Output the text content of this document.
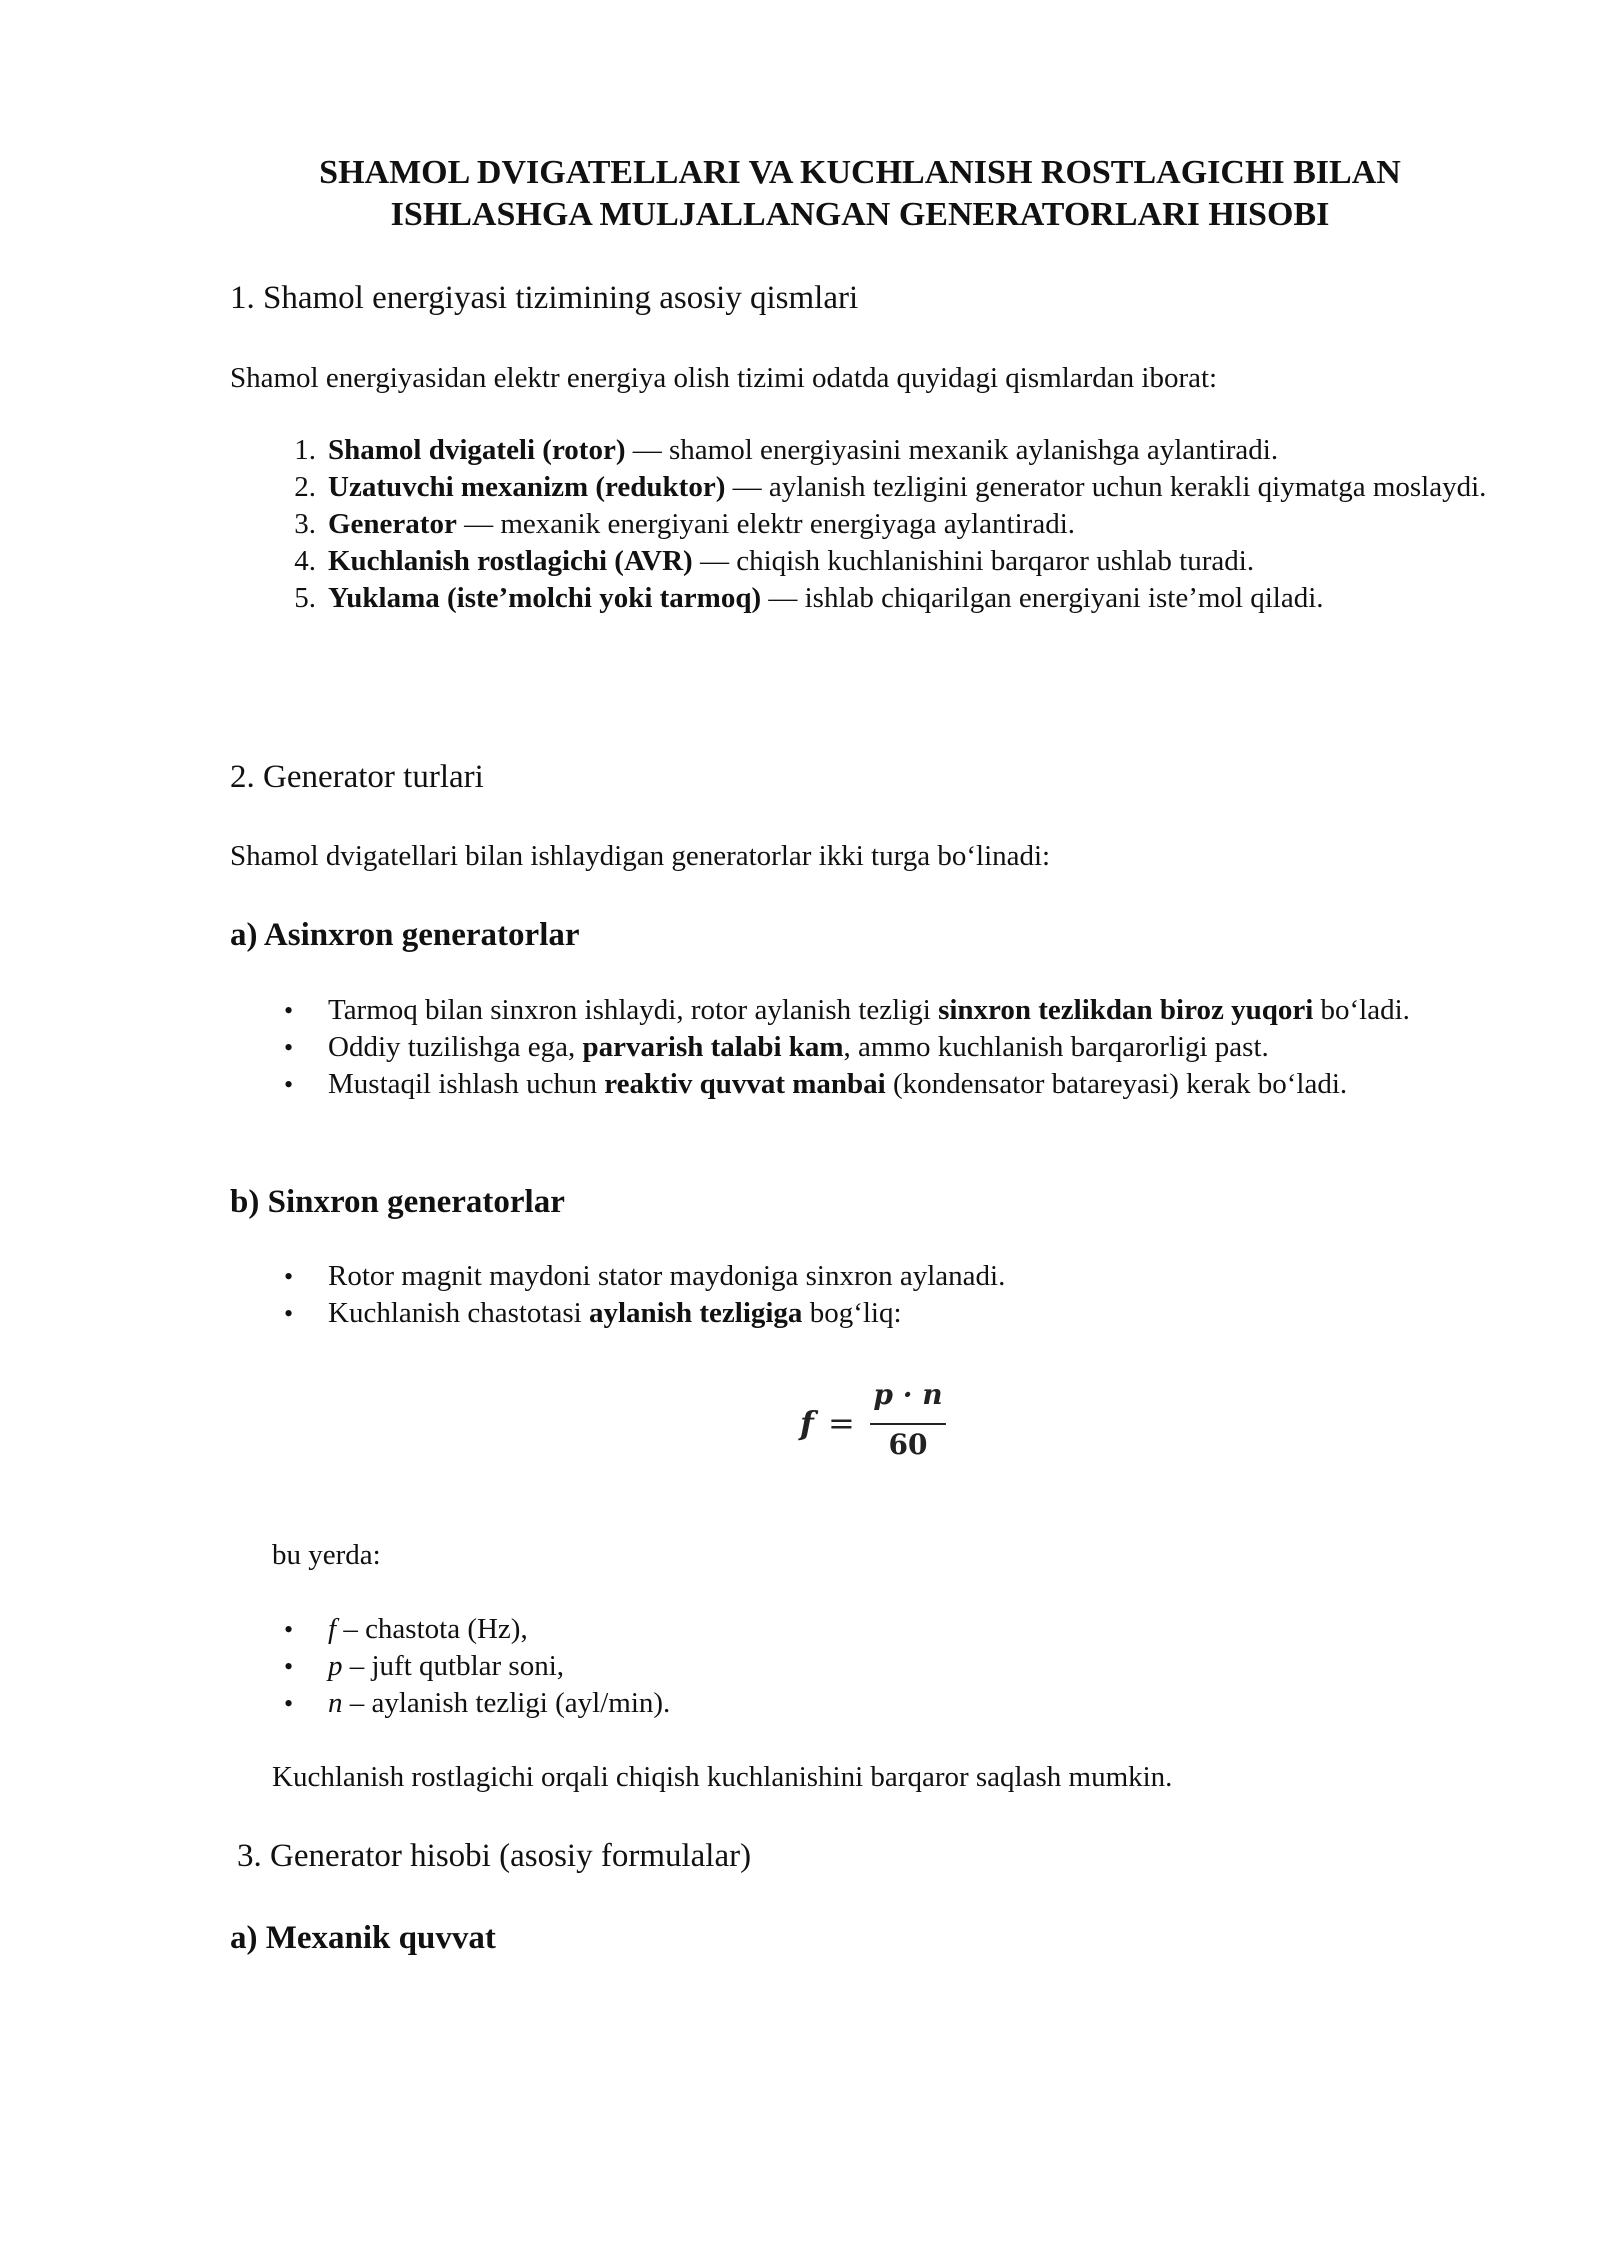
SHAMOL DVIGATELLARI VA KUCHLANISH ROSTLAGICHI BILAN
ISHLASHGA MULJALLANGAN GENERATORLARI HISOBI
1. Shamol energiyasi tizimining asosiy qismlari
Shamol energiyasidan elektr energiya olish tizimi odatda quyidagi qismlardan iborat:
1. Shamol dvigateli (rotor) — shamol energiyasini mexanik aylanishga aylantiradi.
2. Uzatuvchi mexanizm (reduktor) — aylanish tezligini generator uchun kerakli qiymatga moslaydi.
3. Generator — mexanik energiyani elektr energiyaga aylantiradi.
4. Kuchlanish rostlagichi (AVR) — chiqish kuchlanishini barqaror ushlab turadi.
5. Yuklama (iste’molchi yoki tarmoq) — ishlab chiqarilgan energiyani iste’mol qiladi.
2. Generator turlari
Shamol dvigatellari bilan ishlaydigan generatorlar ikki turga bo‘linadi:
a) Asinxron generatorlar
•	Tarmoq bilan sinxron ishlaydi, rotor aylanish tezligi sinxron tezlikdan biroz yuqori bo‘ladi.
•	Oddiy tuzilishga ega, parvarish talabi kam, ammo kuchlanish barqarorligi past.
•	Mustaqil ishlash uchun reaktiv quvvat manbai (kondensator batareyasi) kerak bo‘ladi.
b) Sinxron generatorlar
•	Rotor magnit maydoni stator maydoniga sinxron aylanadi.
•	Kuchlanish chastotasi aylanish tezligiga bog‘liq:
f =
p · n
60
bu yerda:
•	f – chastota (Hz),
•	p – juft qutblar soni,
•	n – aylanish tezligi (ayl/min).
Kuchlanish rostlagichi orqali chiqish kuchlanishini barqaror saqlash mumkin.
3. Generator hisobi (asosiy formulalar)
a) Mexanik quvvat
